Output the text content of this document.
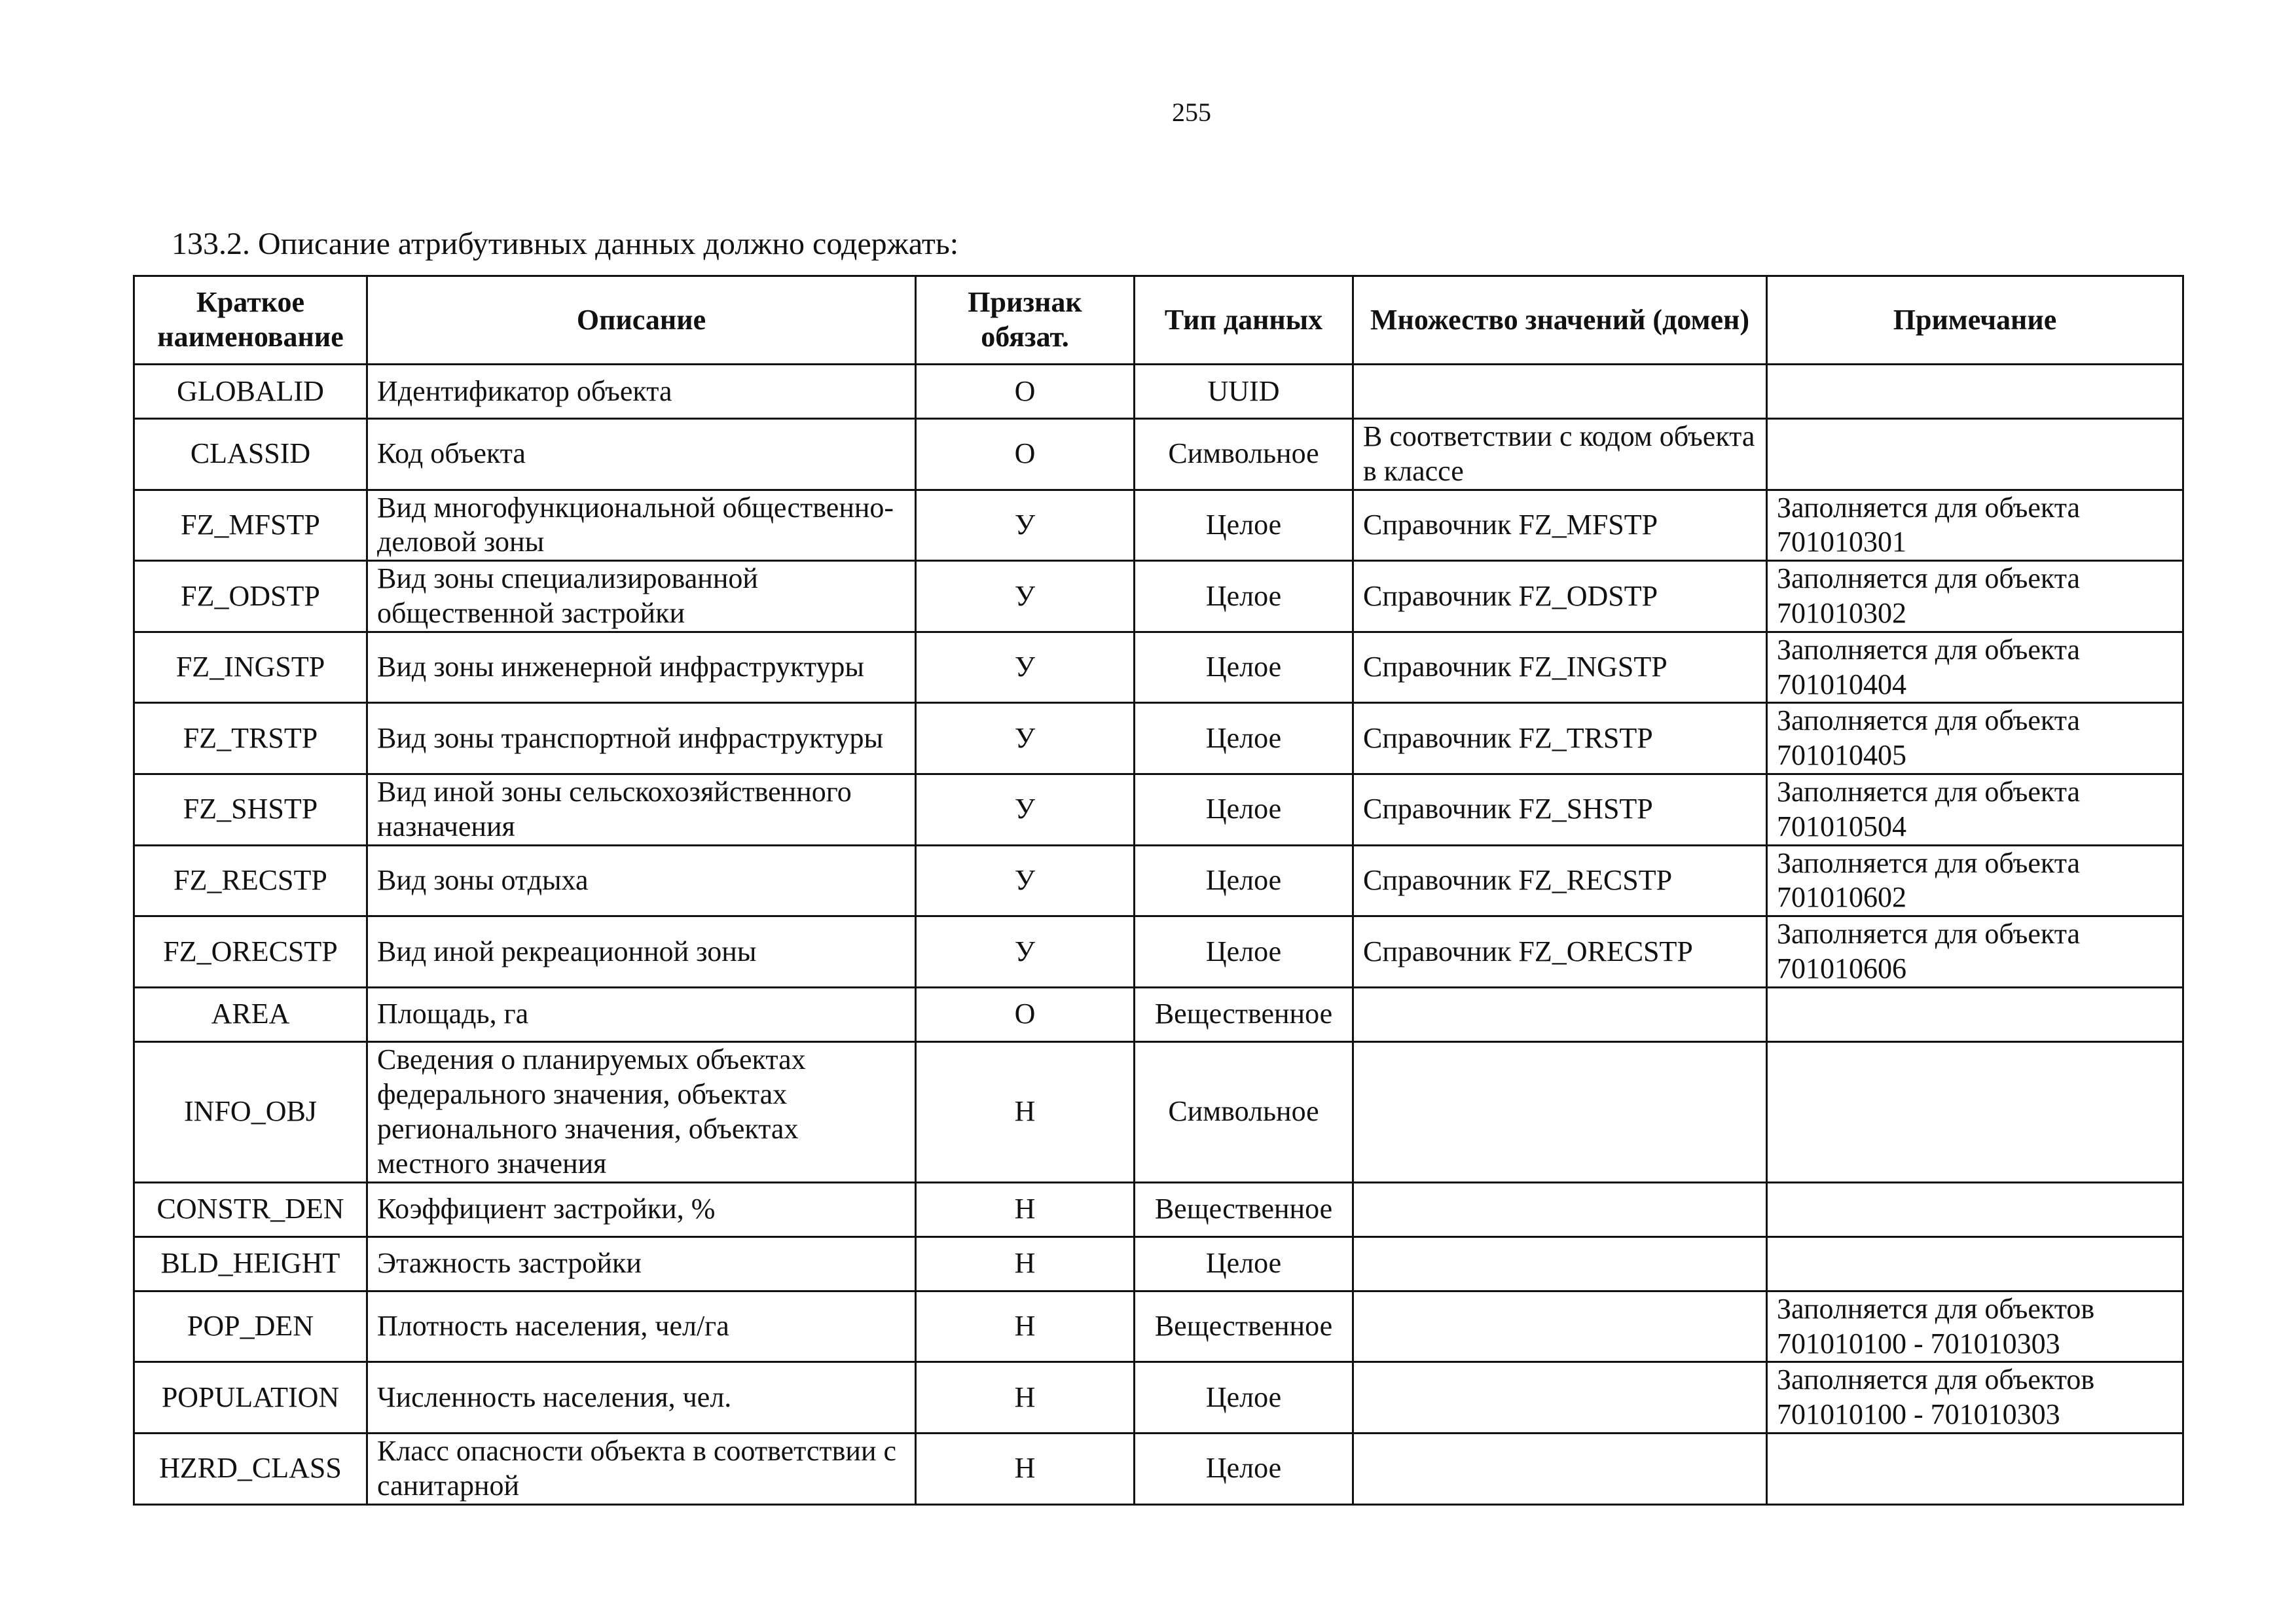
255
133.2. Описание атрибутивных данных должно содержать:
Краткое наименование	Описание	Признак обязат.	Тип данных	Множество значений (домен)	Примечание
GLOBALID	Идентификатор объекта	О	UUID		
CLASSID	Код объекта	О	Символьное	В соответствии с кодом объекта в классе	
FZ_MFSTP	Вид многофункциональной общественно-деловой зоны	У	Целое	Справочник FZ_MFSTP	Заполняется для объекта 701010301
FZ_ODSTP	Вид зоны специализированной общественной застройки	У	Целое	Справочник FZ_ODSTP	Заполняется для объекта 701010302
FZ_INGSTP	Вид зоны инженерной инфраструктуры	У	Целое	Справочник FZ_INGSTP	Заполняется для объекта 701010404
FZ_TRSTP	Вид зоны транспортной инфраструктуры	У	Целое	Справочник FZ_TRSTP	Заполняется для объекта 701010405
FZ_SHSTP	Вид иной зоны сельскохозяйственного назначения	У	Целое	Справочник FZ_SHSTP	Заполняется для объекта 701010504
FZ_RECSTP	Вид зоны отдыха	У	Целое	Справочник FZ_RECSTP	Заполняется для объекта 701010602
FZ_ORECSTP	Вид иной рекреационной зоны	У	Целое	Справочник FZ_ORECSTP	Заполняется для объекта 701010606
AREA	Площадь, га	О	Вещественное		
INFO_OBJ	Сведения о планируемых объектах федерального значения, объектах регионального значения, объектах местного значения	Н	Символьное		
CONSTR_DEN	Коэффициент застройки, %	Н	Вещественное		
BLD_HEIGHT	Этажность застройки	Н	Целое		
POP_DEN	Плотность населения, чел/га	Н	Вещественное		Заполняется для объектов 701010100 - 701010303
POPULATION	Численность населения, чел.	Н	Целое		Заполняется для объектов 701010100 - 701010303
HZRD_CLASS	Класс опасности объекта в соответствии с санитарной	Н	Целое		
